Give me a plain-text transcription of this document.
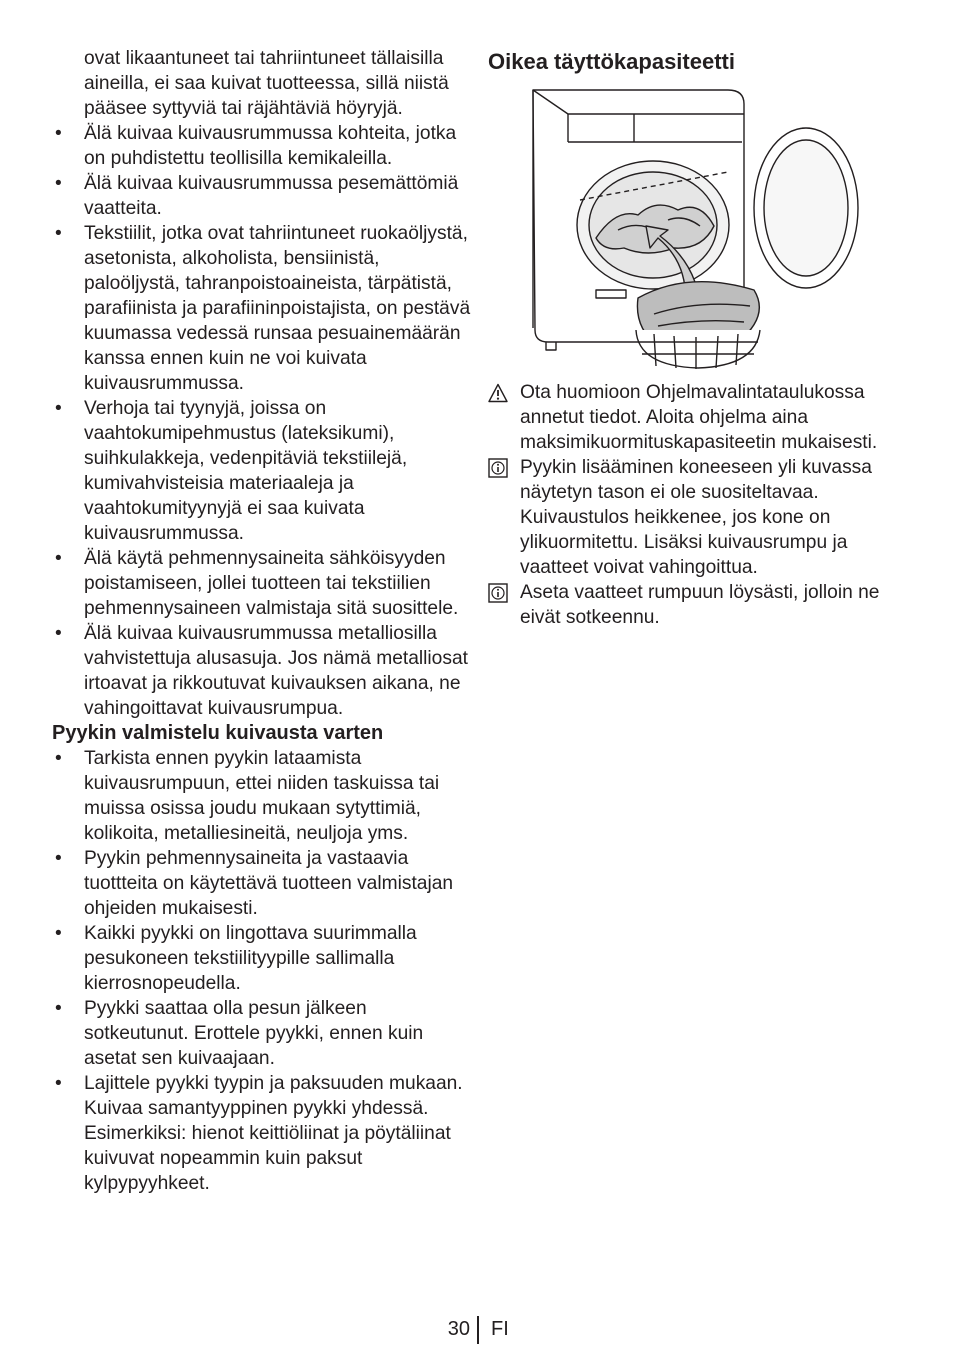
ovat likaantuneet tai tahriintuneet tällaisilla aineilla, ei saa kuivat tuotteessa, sillä niistä pääsee syttyviä tai räjähtäviä höyryjä.

• Älä kuivaa kuivausrummussa kohteita, jotka on puhdistettu teollisilla kemikaleilla.
• Älä kuivaa kuivausrummussa pesemättömiä vaatteita.
• Tekstiilit, jotka ovat tahriintuneet ruokaöljystä, asetonista, alkoholista, bensiinistä, paloöljystä, tahranpoistoaineista, tärpätistä, parafiinista ja parafiininpoistajista, on pestävä kuumassa vedessä runsaa pesuainemäärän kanssa ennen kuin ne voi kuivata kuivausrummussa.
• Verhoja tai tyynyjä, joissa on vaahtokumipehmustus (lateksikumi), suihkulakkeja, vedenpitäviä tekstiilejä, kumivahvisteisia materiaaleja ja vaahtokumityynyjä ei saa kuivata kuivausrummussa.
• Älä käytä pehmennysaineita sähköisyyden poistamiseen, jollei tuotteen tai tekstiilien pehmennysaineen valmistaja sitä suosittele.
• Älä kuivaa kuivausrummussa metalliosilla vahvistettuja alusasuja. Jos nämä metalliosat irtoavat ja rikkoutuvat kuivauksen aikana, ne vahingoittavat kuivausrumpua.
Pyykin valmistelu kuivausta varten
• Tarkista ennen pyykin lataamista kuivausrumpuun, ettei niiden taskuissa tai muissa osissa joudu mukaan sytyttimiä, kolikoita, metalliesineitä, neuljoja yms.
• Pyykin pehmennysaineita ja vastaavia tuottteita on käytettävä tuotteen valmistajan ohjeiden mukaisesti.
• Kaikki pyykki on lingottava suurimmalla pesukoneen tekstiilityypille sallimalla kierrosnopeudella.
• Pyykki saattaa olla pesun jälkeen sotkeutunut. Erottele pyykki, ennen kuin asetat sen kuivaajaan.
• Lajittele pyykki tyypin ja paksuuden mukaan. Kuivaa samantyyppinen pyykki yhdessä. Esimerkiksi: hienot keittiöliinat ja pöytäliinat kuivuvat nopeammin kuin paksut kylpypyyhkeet.
Oikea täyttökapasiteetti
Ota huomioon Ohjelmavalintataulukossa annetut tiedot. Aloita ohjelma aina maksimikuormituskapasiteetin mukaisesti.
Pyykin lisääminen koneeseen yli kuvassa näytetyn tason ei ole suositeltavaa. Kuivaustulos heikkenee, jos kone on ylikuormitettu. Lisäksi kuivausrumpu ja vaatteet voivat vahingoittua.
Aseta vaatteet rumpuun löysästi, jolloin ne eivät sotkeennu.
30 FI
